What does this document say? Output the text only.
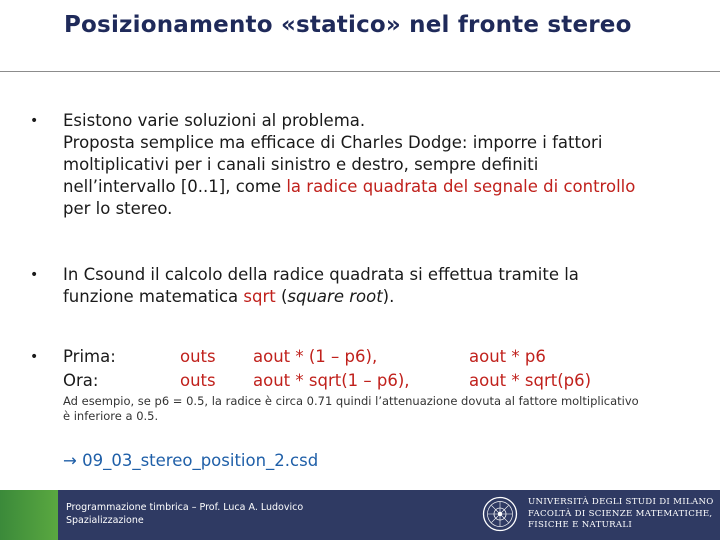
Posizionamento «statico» nel fronte stereo
• Esistono varie soluzioni al problema.
Proposta semplice ma efficace di Charles Dodge: imporre i fattori
moltiplicativi per i canali sinistro e destro, sempre definiti
nell’intervallo [0..1], come la radice quadrata del segnale di controllo
per lo stereo.
• In Csound il calcolo della radice quadrata si effettua tramite la
funzione matematica sqrt (square root).
• Prima:	outs aout * (1 – p6),	aout * p6
Ora:	outs aout * sqrt(1 – p6),	aout * sqrt(p6)
Ad esempio, se p6 = 0.5, la radice è circa 0.71 quindi l’attenuazione dovuta al fattore moltiplicativo
è inferiore a 0.5.
→ 09_03_stereo_position_2.csd
Programmazione timbrica – Prof. Luca A. Ludovico
Spazializzazione
UNIVERSITÀ DEGLI STUDI DI MILANO
FACOLTÀ DI SCIENZE MATEMATICHE,
FISICHE E NATURALI
